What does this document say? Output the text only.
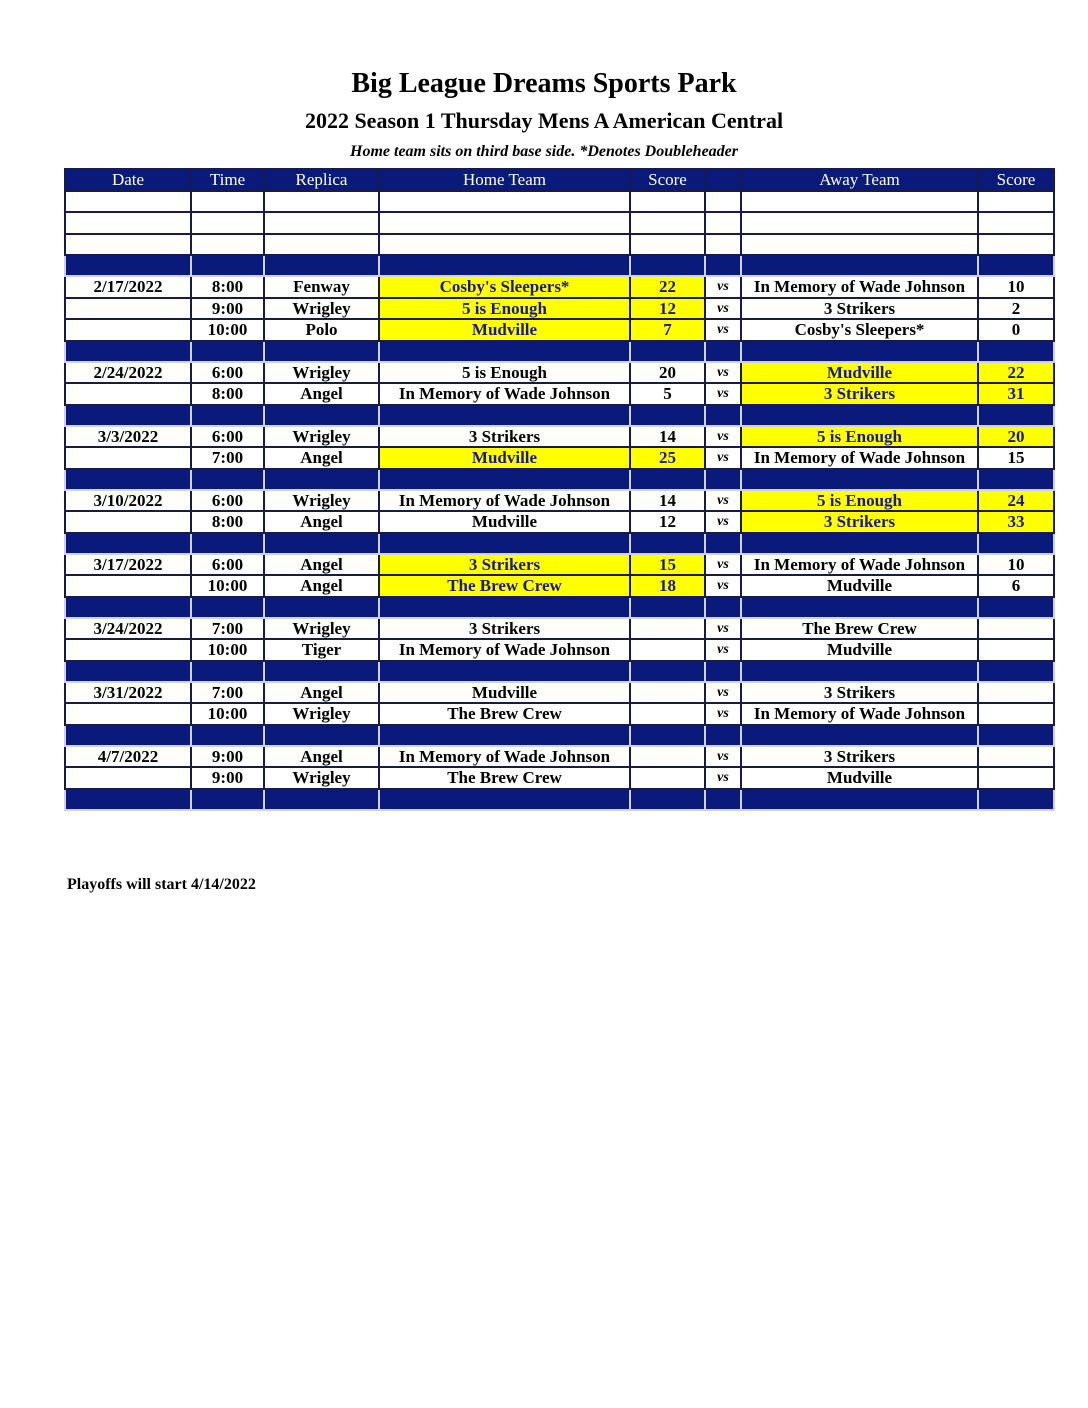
Big League Dreams Sports Park
2022 Season 1 Thursday Mens A American Central
Home team sits on third base side. *Denotes Doubleheader
Date	Time	Replica	Home Team	Score		Away Team	Score

2/17/2022	8:00	Fenway	Cosby's Sleepers*	22	vs	In Memory of Wade Johnson	10
	9:00	Wrigley	5 is Enough	12	vs	3 Strikers	2
	10:00	Polo	Mudville	7	vs	Cosby's Sleepers*	0

2/24/2022	6:00	Wrigley	5 is Enough	20	vs	Mudville	22
	8:00	Angel	In Memory of Wade Johnson	5	vs	3 Strikers	31

3/3/2022	6:00	Wrigley	3 Strikers	14	vs	5 is Enough	20
	7:00	Angel	Mudville	25	vs	In Memory of Wade Johnson	15

3/10/2022	6:00	Wrigley	In Memory of Wade Johnson	14	vs	5 is Enough	24
	8:00	Angel	Mudville	12	vs	3 Strikers	33

3/17/2022	6:00	Angel	3 Strikers	15	vs	In Memory of Wade Johnson	10
	10:00	Angel	The Brew Crew	18	vs	Mudville	6

3/24/2022	7:00	Wrigley	3 Strikers		vs	The Brew Crew	
	10:00	Tiger	In Memory of Wade Johnson		vs	Mudville	

3/31/2022	7:00	Angel	Mudville		vs	3 Strikers	
	10:00	Wrigley	The Brew Crew		vs	In Memory of Wade Johnson	

4/7/2022	9:00	Angel	In Memory of Wade Johnson		vs	3 Strikers	
	9:00	Wrigley	The Brew Crew		vs	Mudville	

Playoffs will start 4/14/2022
